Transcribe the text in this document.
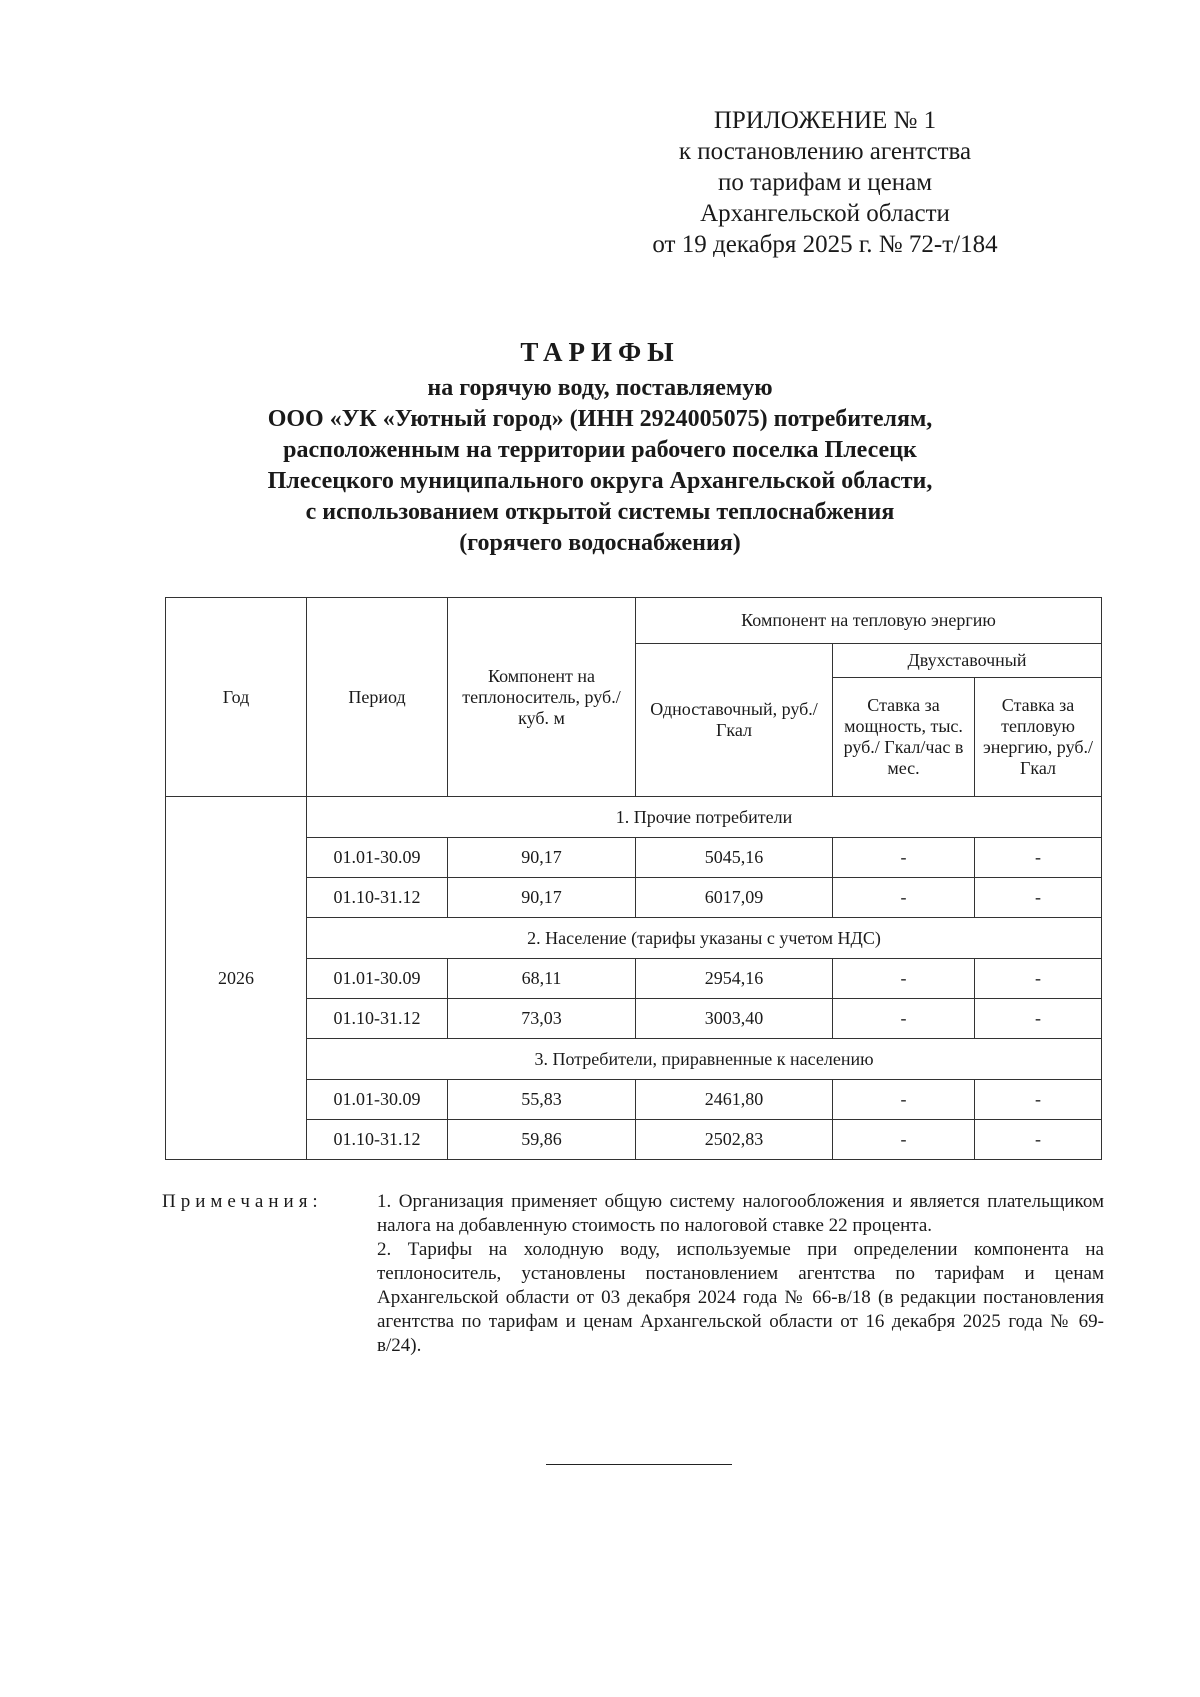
ПРИЛОЖЕНИЕ № 1
к постановлению агентства
по тарифам и ценам
Архангельской области
от 19 декабря 2025 г. № 72-т/184
ТАРИФЫ
на горячую воду, поставляемую
ООО «УК «Уютный город» (ИНН 2924005075) потребителям,
расположенным на территории рабочего поселка Плесецк
Плесецкого муниципального округа Архангельской области,
с использованием открытой системы теплоснабжения
(горячего водоснабжения)
Год	Период	Компонент на теплоноситель, руб./куб. м	Компонент на тепловую энергию		
			Одноставочный, руб./Гкал	Двухставочный	
				Ставка за мощность, тыс. руб./ Гкал/час в мес.	Ставка за тепловую энергию, руб./Гкал
2026	1. Прочие потребители				
	01.01-30.09	90,17	5045,16	-	-
	01.10-31.12	90,17	6017,09	-	-
	2. Население (тарифы указаны с учетом НДС)				
	01.01-30.09	68,11	2954,16	-	-
	01.10-31.12	73,03	3003,40	-	-
	3. Потребители, приравненные к населению				
	01.01-30.09	55,83	2461,80	-	-
	01.10-31.12	59,86	2502,83	-	-
Примечания:	1. Организация применяет общую систему налогообложения и является плательщиком налога на добавленную стоимость по налоговой ставке 22 процента.

2. Тарифы на холодную воду, используемые при определении компонента на теплоноситель, установлены постановлением агентства по тарифам и ценам Архангельской области от 03 декабря 2024 года № 66-в/18 (в редакции постановления агентства по тарифам и ценам Архангельской области от 16 декабря 2025 года № 69-в/24).
